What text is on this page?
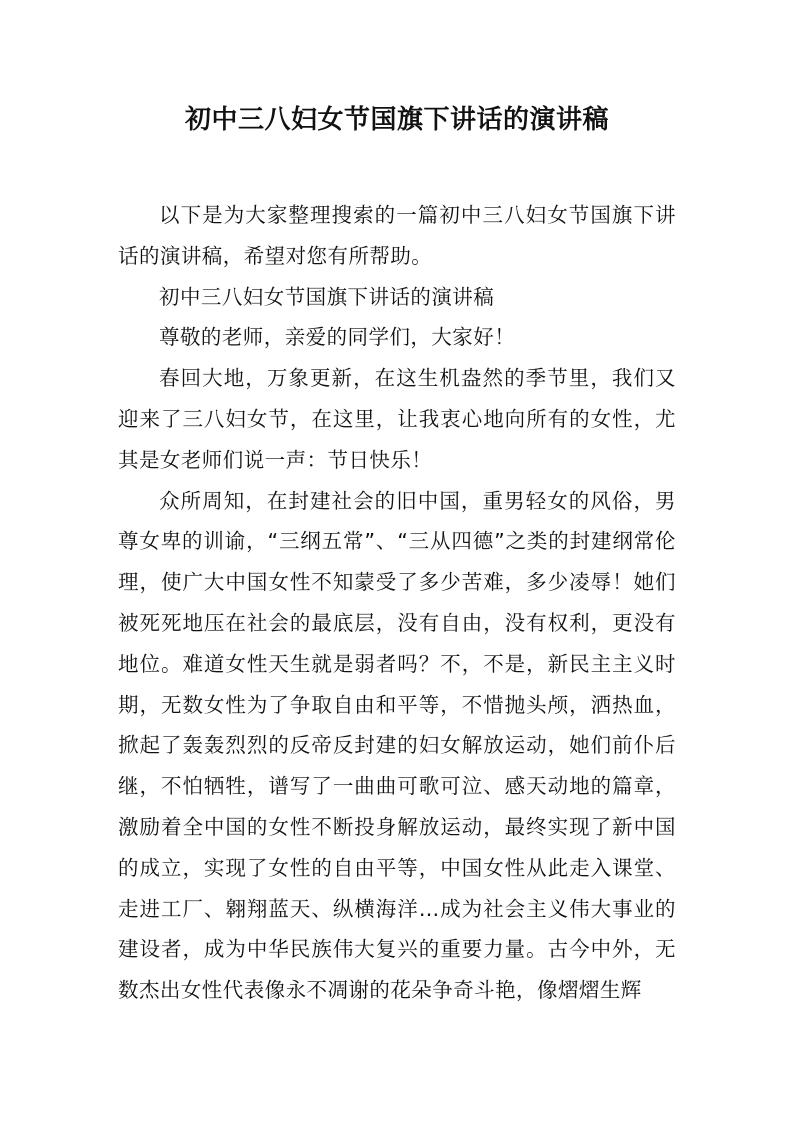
初中三八妇女节国旗下讲话的演讲稿

以下是为大家整理搜索的一篇初中三八妇女节国旗下讲话的演讲稿，希望对您有所帮助。

初中三八妇女节国旗下讲话的演讲稿

尊敬的老师，亲爱的同学们，大家好！

春回大地，万象更新，在这生机盎然的季节里，我们又迎来了三八妇女节，在这里，让我衷心地向所有的女性，尤其是女老师们说一声：节日快乐！

众所周知，在封建社会的旧中国，重男轻女的风俗，男尊女卑的训谕，“三纲五常”、“三从四德”之类的封建纲常伦理，使广大中国女性不知蒙受了多少苦难，多少凌辱！她们被死死地压在社会的最底层，没有自由，没有权利，更没有地位。难道女性天生就是弱者吗？不，不是，新民主主义时期，无数女性为了争取自由和平等，不惜抛头颅，洒热血，掀起了轰轰烈烈的反帝反封建的妇女解放运动，她们前仆后继，不怕牺牲，谱写了一曲曲可歌可泣、感天动地的篇章，激励着全中国的女性不断投身解放运动，最终实现了新中国的成立，实现了女性的自由平等，中国女性从此走入课堂、走进工厂、翱翔蓝天、纵横海洋…成为社会主义伟大事业的建设者，成为中华民族伟大复兴的重要力量。古今中外，无数杰出女性代表像永不凋谢的花朵争奇斗艳，像熠熠生辉
